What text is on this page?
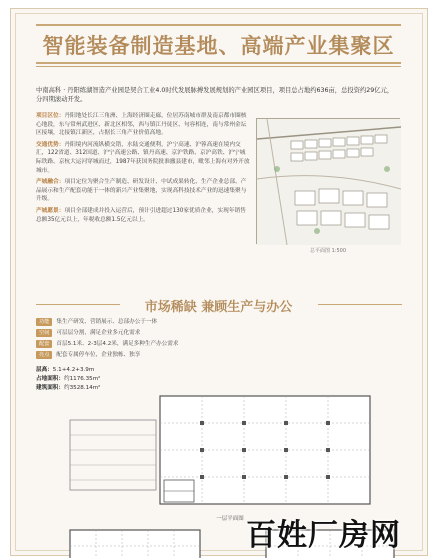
智能装备制造基地、高端产业集聚区
中南高科 · 丹阳练湖智造产业园是契合工业4.0时代发展脉搏发展规划的产业园区项目，项目总占地约636亩，总投资约29亿元，分四期滚动开发。
项目区位：丹阳地处长江三角洲、上海经济圈走廊，位居苏南城市群及南京都市圈核心地段，东与常州武进区、新北区相邻，西与镇江丹徒区、句容相连，南与常州金坛区接壤，北接镇江新区，占据长三角产业价值高地。
交通优势：丹阳境内河流纵横交错，水陆交通便利，沪宁高速、沪蓉高速在境内交汇，122省道、312国道、沪宁高速公路、镇丹高速、京沪铁路、京沪高铁、沪宁城际铁路、京杭大运河穿城而过，1987年获国务院批准撤县建市，毗邻上海有对外开放城市。
产城融合：项目定位为聚合生产制造、研发设计、中试成果转化、生产企业总部、产品展示和生产配套功能于一体的新兴产业集聚地，实现高科技技术产业的迅速集聚与升级。
产城愿景：项目全部建成并投入运营后，预计引进超过130家优质企业，实现年销售总额35亿元以上，年税收总额1.5亿元以上。
总平面图 1:500
市场稀缺 兼顾生产与办公
功能	集生产研发、营销展示、总部办公于一体
空间	可层层分割，满足企业多元化需求
配套	首层5.1米、2-3层4.2米，满足多种生产办公需求
亮点	配套专属停车位，企业独栋、独享
层高：5.1+4.2+3.9m
占地面积：约1176.35m²
建筑面积：约3528.14m²
一层平面图 百姓厂房网
